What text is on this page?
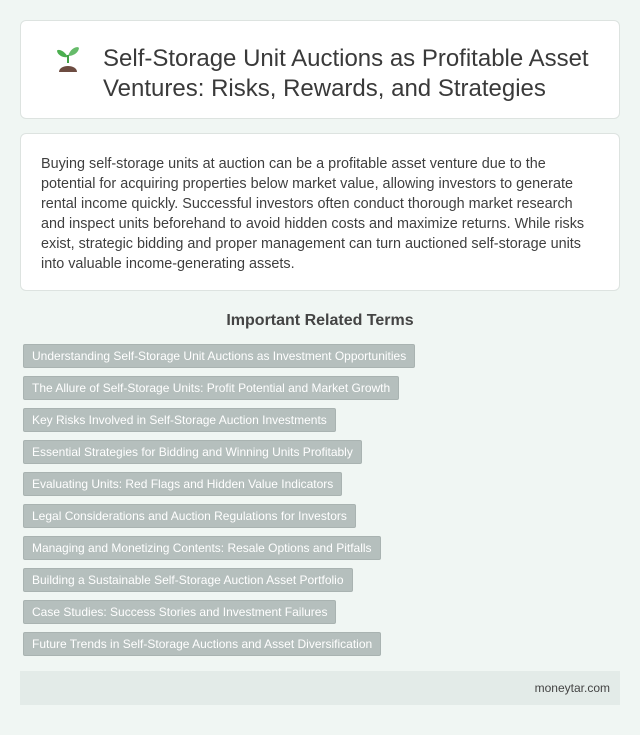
Self-Storage Unit Auctions as Profitable Asset Ventures: Risks, Rewards, and Strategies

Buying self-storage units at auction can be a profitable asset venture due to the potential for acquiring properties below market value, allowing investors to generate rental income quickly. Successful investors often conduct thorough market research and inspect units beforehand to avoid hidden costs and maximize returns. While risks exist, strategic bidding and proper management can turn auctioned self-storage units into valuable income-generating assets.

Important Related Terms
Understanding Self-Storage Unit Auctions as Investment Opportunities
The Allure of Self-Storage Units: Profit Potential and Market Growth
Key Risks Involved in Self-Storage Auction Investments
Essential Strategies for Bidding and Winning Units Profitably
Evaluating Units: Red Flags and Hidden Value Indicators
Legal Considerations and Auction Regulations for Investors
Managing and Monetizing Contents: Resale Options and Pitfalls
Building a Sustainable Self-Storage Auction Asset Portfolio
Case Studies: Success Stories and Investment Failures
Future Trends in Self-Storage Auctions and Asset Diversification
moneytar.com
